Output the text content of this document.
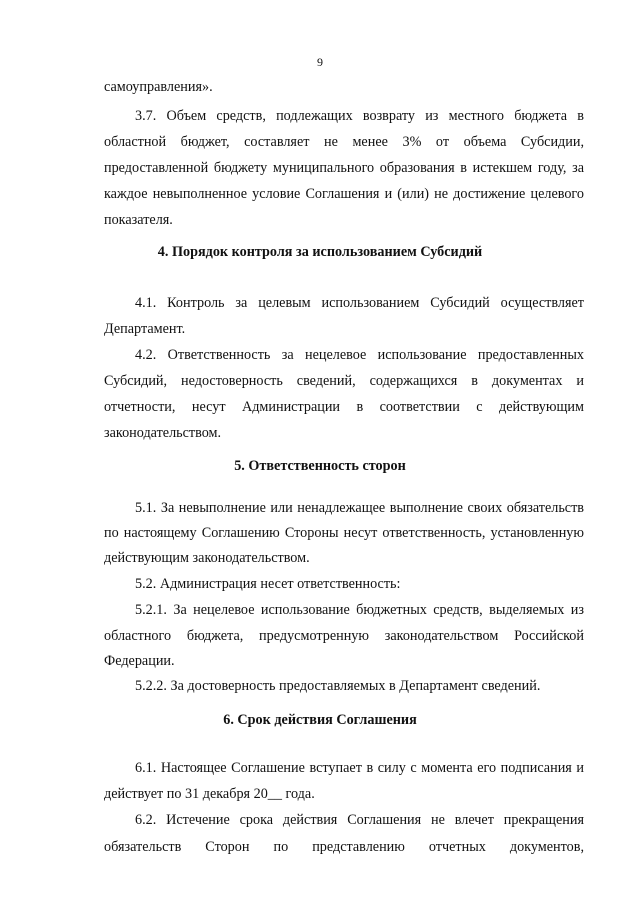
9
самоуправления».
3.7. Объем средств, подлежащих возврату из местного бюджета в
областной бюджет, составляет не менее 3% от объема Субсидии,
предоставленной бюджету муниципального образования в истекшем году, за
каждое невыполненное условие Соглашения и (или) не достижение целевого
показателя.
4. Порядок контроля за использованием Субсидий
4.1. Контроль за целевым использованием Субсидий осуществляет
Департамент.
4.2. Ответственность за нецелевое использование предоставленных
Субсидий, недостоверность сведений, содержащихся в документах и
отчетности, несут Администрации в соответствии с действующим
законодательством.
5. Ответственность сторон
5.1. За невыполнение или ненадлежащее выполнение своих обязательств
по настоящему Соглашению Стороны несут ответственность, установленную
действующим законодательством.
5.2. Администрация несет ответственность:
5.2.1. За нецелевое использование бюджетных средств, выделяемых из
областного бюджета, предусмотренную законодательством Российской
Федерации.
5.2.2. За достоверность предоставляемых в Департамент сведений.
6. Срок действия Соглашения
6.1. Настоящее Соглашение вступает в силу с момента его подписания и
действует по 31 декабря 20__ года.
6.2. Истечение срока действия Соглашения не влечет прекращения
обязательств Сторон по представлению отчетных документов,
